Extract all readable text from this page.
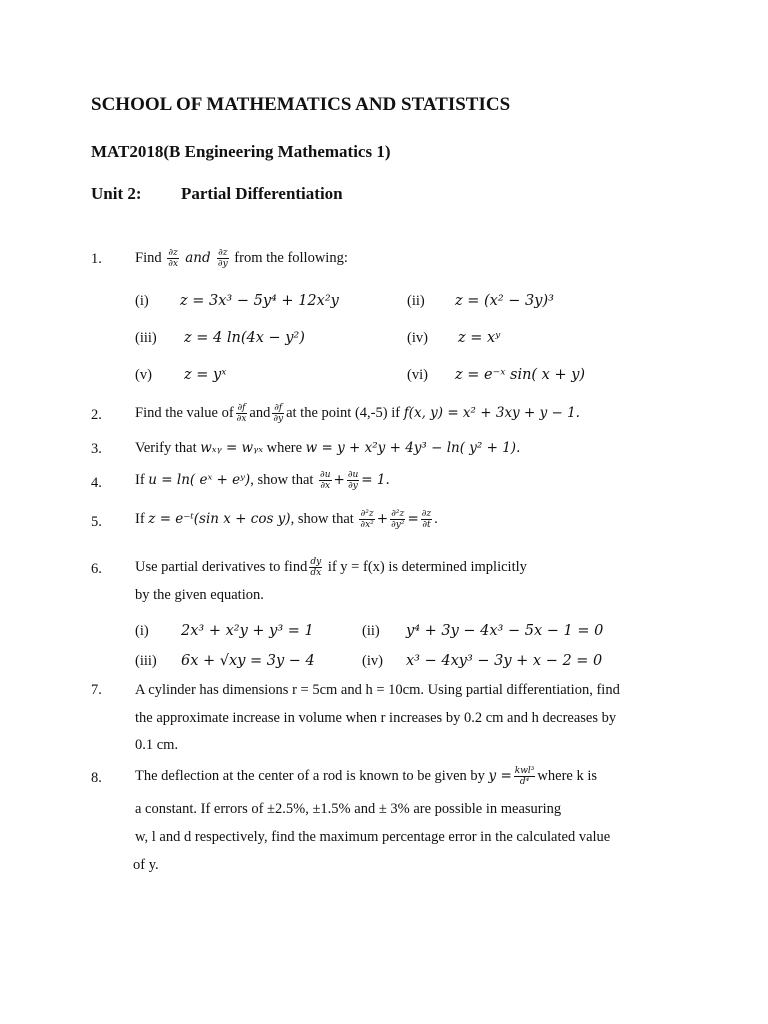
SCHOOL OF MATHEMATICS AND STATISTICS
MAT2018(B Engineering Mathematics 1)
Unit 2: Partial Differentiation
1. Find $\frac{\partial z}{\partial x}$ and $\frac{\partial z}{\partial y}$ from the following:
(i) z = 3x³ − 5y⁴ + 12x²y	(ii) z = (x² − 3y)³
(iii) z = 4 ln(4x − y²)	(iv) z = xʸ
(v) z = yˣ	(vi) z = e⁻ˣ sin( x + y)
2. Find the value of $\frac{\partial f}{\partial x}$ and $\frac{\partial f}{\partial y}$ at the point (4,-5) if f(x, y) = x² + 3xy + y − 1.
3. Verify that wₓᵧ = wᵧₓ where w = y + x²y + 4y³ − ln( y² + 1).
4. If u = ln( eˣ + eʸ), show that $\frac{\partial u}{\partial x} + \frac{\partial u}{\partial y} = 1$.
5. If z = e⁻ᵗ(sin x + cos y), show that $\frac{\text{∂²z}}{\text{∂x²}} + \frac{\text{∂²z}}{\text{∂y²}} = \frac{\partial z}{\partial t}$ .
6. Use partial derivatives to find $\frac{dy}{dx}$ if y = f(x) is determined implicitly
by the given equation.
(i) 2x³ + x²y + y³ = 1	(ii) y⁴ + 3y − 4x³ − 5x − 1 = 0
(iii) 6x + √xy = 3y − 4	(iv) x³ − 4xy³ − 3y + x − 2 = 0
7. A cylinder has dimensions r = 5cm and h = 10cm. Using partial differentiation, find
the approximate increase in volume when r increases by 0.2 cm and h decreases by
0.1 cm.
8. The deflection at the center of a rod is known to be given by $y = \frac{\text{kwl³}}{\text{d⁴}}$ where k is
a constant. If errors of ±2.5%, ±1.5% and ± 3% are possible in measuring
w, l and d respectively, find the maximum percentage error in the calculated value
of y.
